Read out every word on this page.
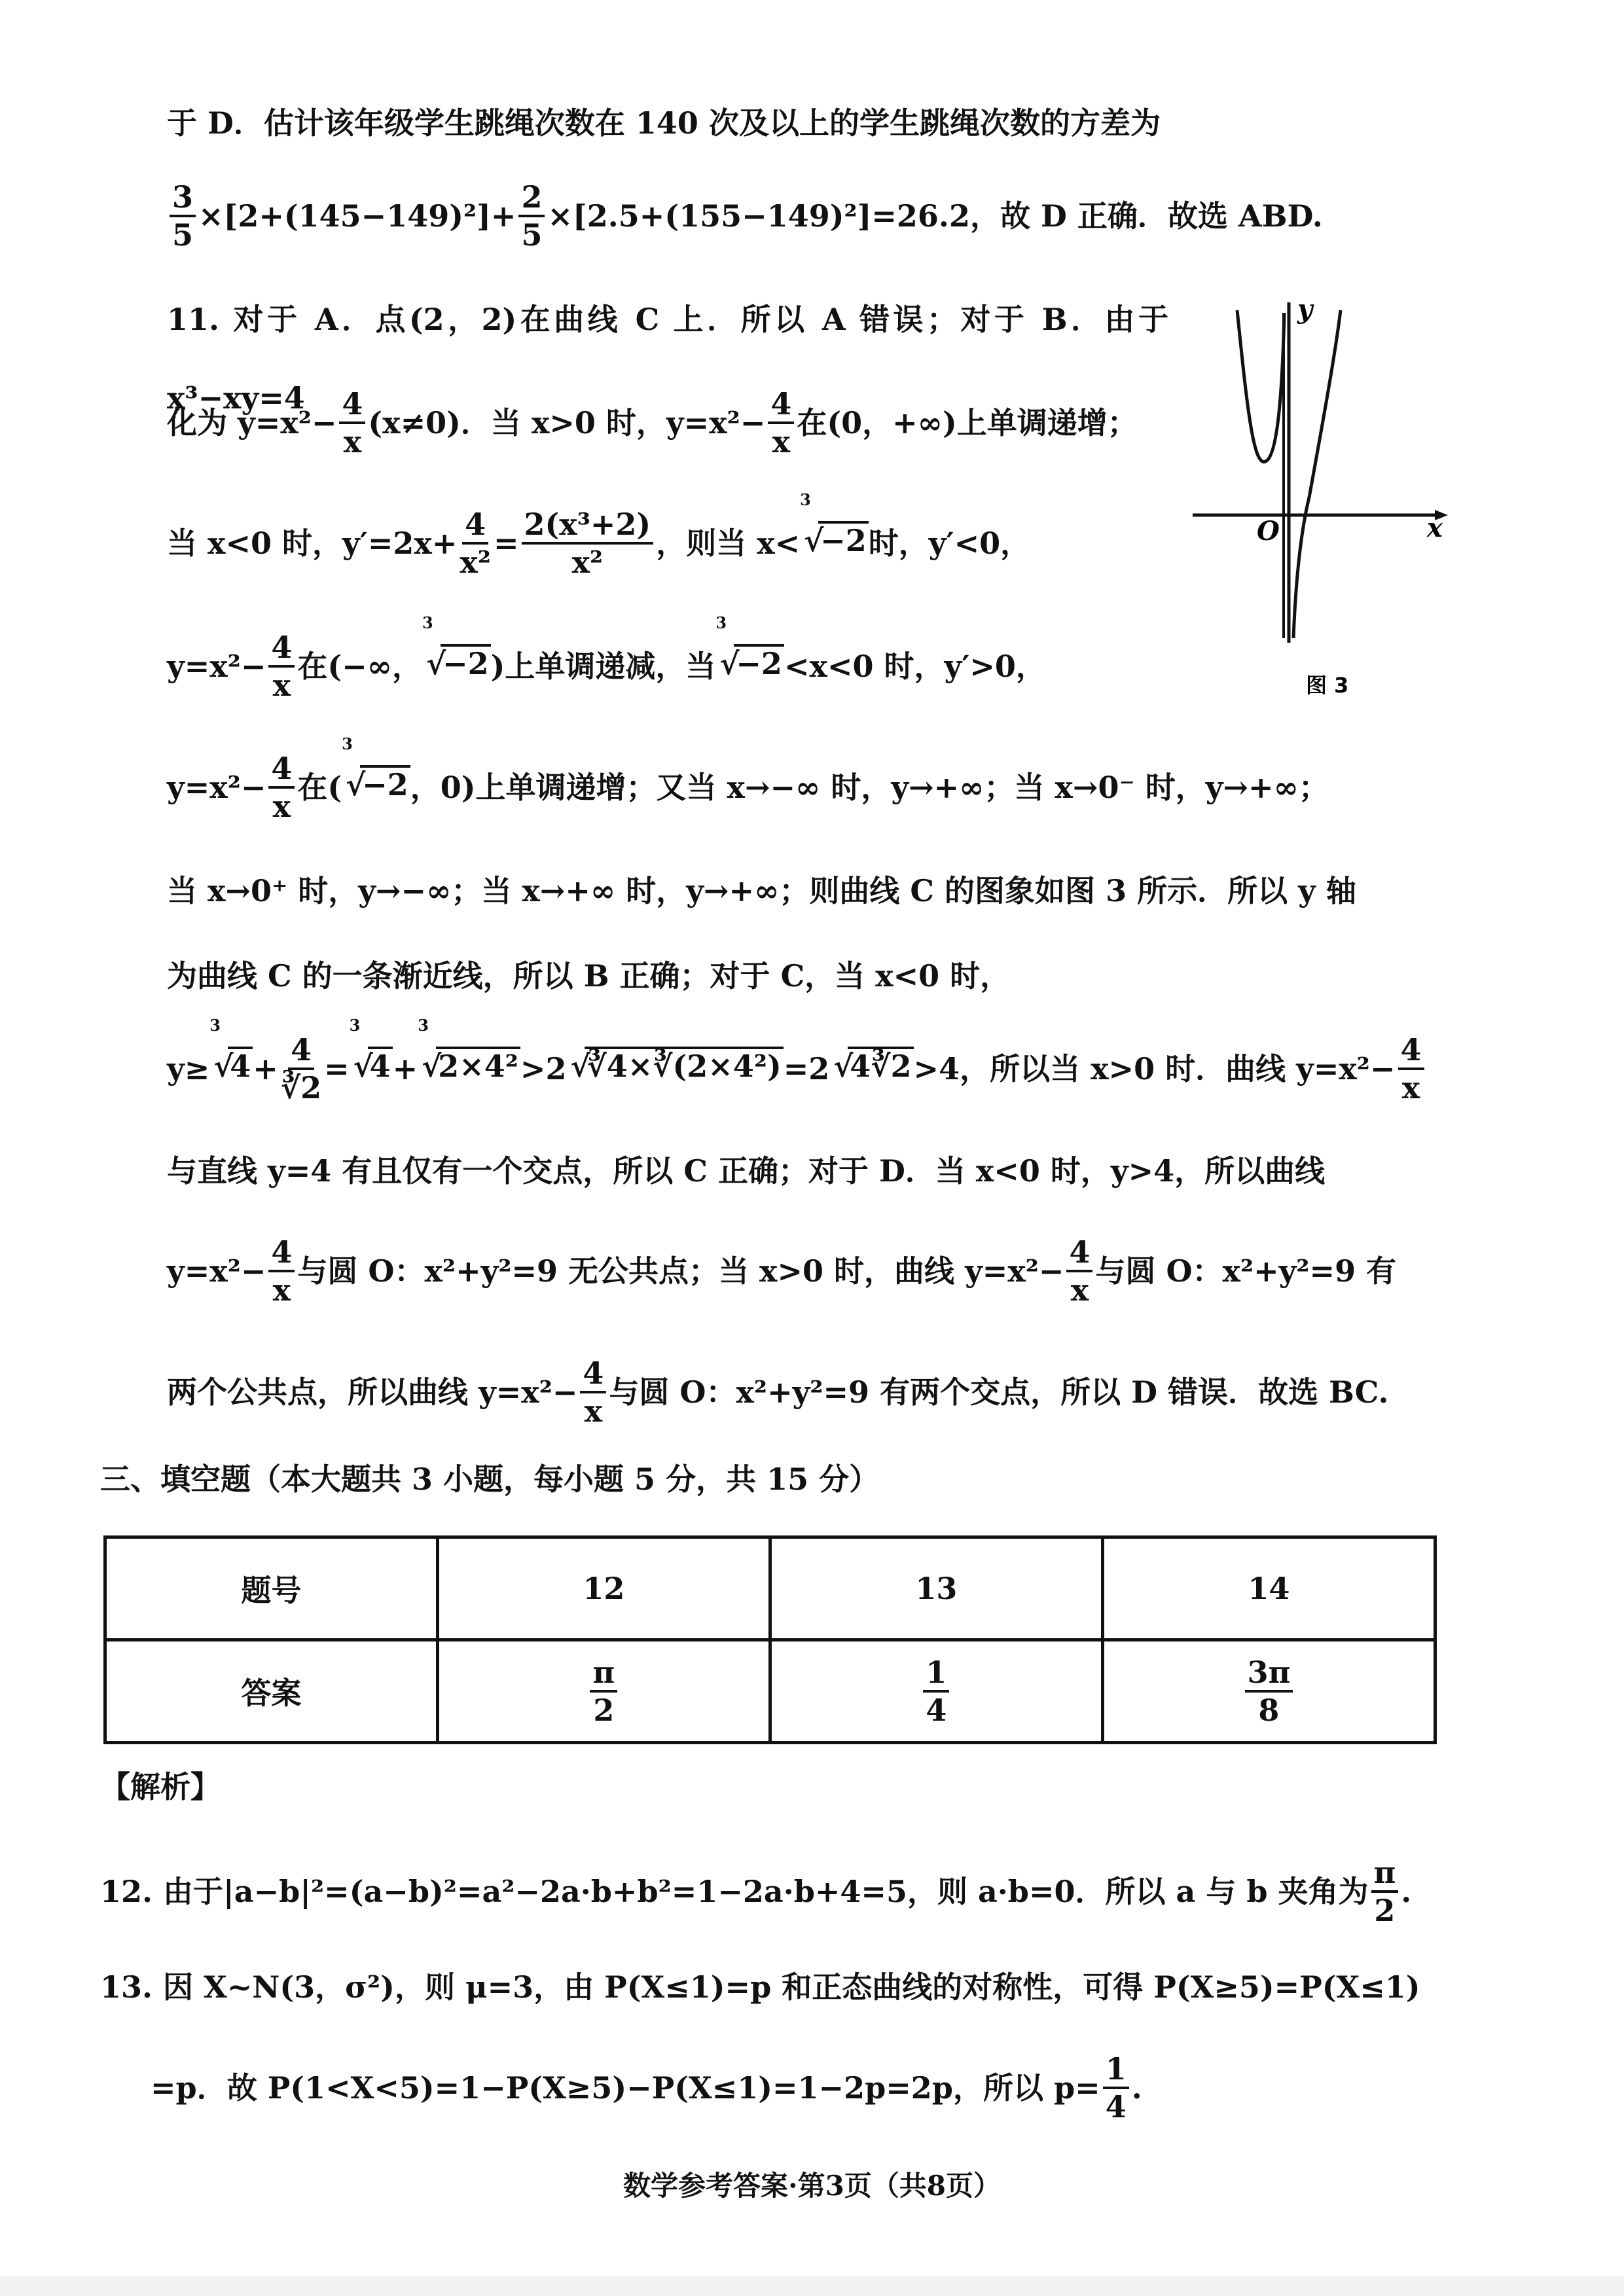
于 D．估计该年级学生跳绳次数在 140 次及以上的学生跳绳次数的方差为
$\frac{3}{5} \times[2+(145-149)^2]+ \frac{2}{5} \times[2.5+(155-149)^2]=26.2$，故 D 正确．故选 ABD.
11. 对于 A．点(2，2)在曲线 C 上．所以 A 错误；对于 B．由于 x³−xy=4
化为 $y=x^2- \frac{4}{x} (x\ne 0)$．当 x>0 时，$y=x^2- \frac{4}{x}$ 在(0，+∞)上单调递增；
当 x<0 时，$y'=2x+ \frac{4}{\text{x²}} = \frac{\text{2(x³+2)}}{\text{x²}}$ ，则当 x<
3
√
−2时，y′<0，
$y=x^2- \frac{4}{x}$ 在(−∞，
3
√
−2)上单调递减，当
3
√
−2<x<0 时，y′>0，
$y=x^2- \frac{4}{x}$ 在(
3
√
−2，0)上单调递增；又当 x→−∞ 时，y→+∞；当 x→0⁻ 时，y→+∞；
当 x→0⁺ 时，y→−∞；当 x→+∞ 时，y→+∞；则曲线 C 的图象如图 3 所示．所以 y 轴
为曲线 C 的一条渐近线，所以 B 正确；对于 C，当 x<0 时，
y≥
3
√
$4+ \frac{4}{∛2}$ =
3
√
4+
3
√
2×4²>2 √
∛4×∛(2×4²)=2 √
4∛2>4，所以当 x>0 时．曲线 $y=x^2- \frac{4}{x}$
与直线 y=4 有且仅有一个交点，所以 C 正确；对于 D．当 x<0 时，y>4，所以曲线
$y=x^2- \frac{4}{x}$ 与圆 O：x²+y²=9 无公共点；当 x>0 时，曲线 $y=x^2- \frac{4}{x}$ 与圆 O：x²+y²=9 有
两个公共点，所以曲线 $y=x^2- \frac{4}{x}$ 与圆 O：x²+y²=9 有两个交点，所以 D 错误．故选 BC.
y
x
O
图 3
三、填空题（本大题共 3 小题，每小题 5 分，共 15 分）
题号	12	13	14
答案	$\frac{\pi}{2}$	$\frac{1}{4}$	$\frac{3\pi}{8}$
【解析】
12. 由于|a−b|²=(a−b)²=a²−2a·b+b²=1−2a·b+4=5，则 a·b=0．所以 a 与 b 夹角为 $\frac{\pi}{2}$ .
13. 因 X~N(3，σ²)，则 μ=3，由 P(X≤1)=p 和正态曲线的对称性，可得 P(X≥5)=P(X≤1)
=p．故 P(1<X<5)=1−P(X≥5)−P(X≤1)=1−2p=2p，所以 $p= \frac{1}{4}$ .
数学参考答案·第3页（共8页）
